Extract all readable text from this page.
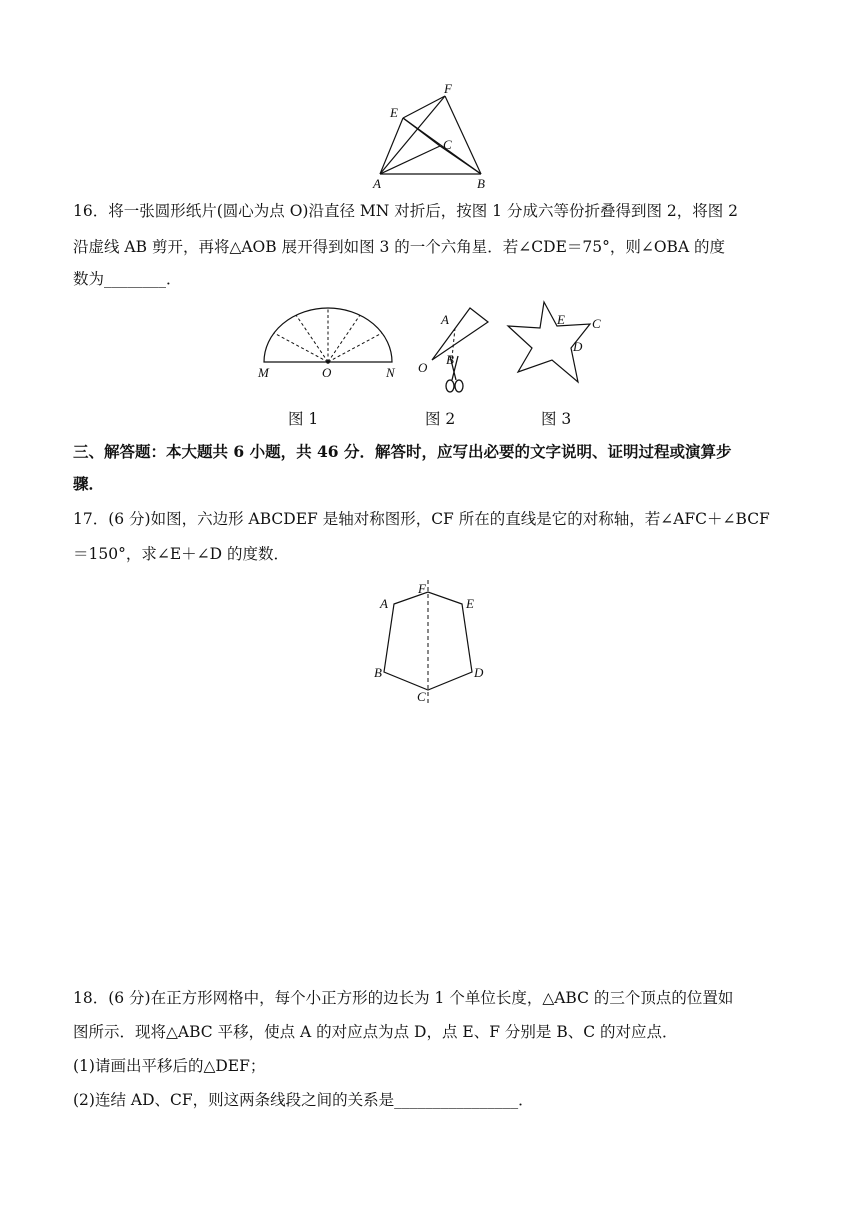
A	B
C
E
F
16．将一张圆形纸片(圆心为点 O)沿直径 MN 对折后，按图 1 分成六等份折叠得到图 2，将图 2
沿虚线 AB 剪开，再将△AOB 展开得到如图 3 的一个六角星．若∠CDE＝75°，则∠OBA 的度
数为________．
M	O	N
A
O
B
E C
D
图 1	图 2	图 3
三、解答题：本大题共 6 小题，共 46 分．解答时，应写出必要的文字说明、证明过程或演算步
骤．
17．(6 分)如图，六边形 ABCDEF 是轴对称图形，CF 所在的直线是它的对称轴，若∠AFC＋∠BCF
＝150°，求∠E＋∠D 的度数．
A
F
E
B
C
D
18．(6 分)在正方形网格中，每个小正方形的边长为 1 个单位长度，△ABC 的三个顶点的位置如
图所示．现将△ABC 平移，使点 A 的对应点为点 D，点 E、F 分别是 B、C 的对应点．
(1)请画出平移后的△DEF；
(2)连结 AD、CF，则这两条线段之间的关系是________________．
